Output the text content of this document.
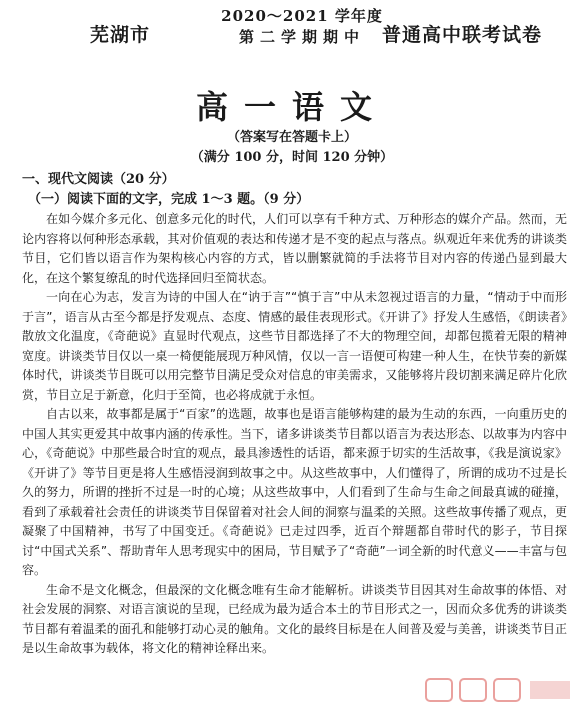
芜湖市
2020～2021 学年度
第二学期期中 普通高中联考试卷
高一语文
（答案写在答题卡上）
（满分 100 分，时间 120 分钟）
一、现代文阅读（20 分）
（一）阅读下面的文字，完成 1～3 题。（9 分）

在如今媒介多元化、创意多元化的时代，人们可以享有千种方式、万种形态的媒介产品。然而，无论内容将以何种形态承载，其对价值观的表达和传递才是不变的起点与落点。纵观近年来优秀的讲谈类节目，它们皆以语言作为架构核心内容的方式，皆以删繁就简的手法将节目对内容的传递凸显到最大化，在这个繁复缭乱的时代选择回归至简状态。

一向在心为志，发言为诗的中国人在“讷于言”“慎于言”中从未忽视过语言的力量，“情动于中而形于言”，语言从古至今都是抒发观点、态度、情感的最佳表现形式。《开讲了》抒发人生感悟，《朗读者》散放文化温度，《奇葩说》直显时代观点，这些节目都选择了不大的物理空间，却都包揽着无限的精神宽度。讲谈类节目仅以一桌一椅便能展现万种风情，仅以一言一语便可构建一种人生，在快节奏的新媒体时代，讲谈类节目既可以用完整节目满足受众对信息的审美需求，又能够将片段切割来满足碎片化欣赏，节目立足于新意，化归于至简，也必将成就于永恒。

自古以来，故事都是属于“百家”的选题，故事也是语言能够构建的最为生动的东西，一向重历史的中国人其实更爱其中故事内涵的传承性。当下，诸多讲谈类节目都以语言为表达形态、以故事为内容中心，《奇葩说》中那些最合时宜的观点，最具渗透性的话语，都来源于切实的生活故事，《我是演说家》《开讲了》等节目更是将人生感悟浸润到故事之中。从这些故事中，人们懂得了，所谓的成功不过是长久的努力，所谓的挫折不过是一时的心境；从这些故事中，人们看到了生命与生命之间最真诚的碰撞，看到了承载着社会责任的讲谈类节目保留着对社会人间的洞察与温柔的关照。这些故事传播了观点，更凝聚了中国精神，书写了中国变迁。《奇葩说》已走过四季，近百个辩题都自带时代的影子，节目探讨“中国式关系”、帮助青年人思考现实中的困局，节目赋予了“奇葩”一词全新的时代意义——丰富与包容。

生命不是文化概念，但最深的文化概念唯有生命才能解析。讲谈类节目因其对生命故事的体悟、对社会发展的洞察、对语言演说的呈现，已经成为最为适合本土的节目形式之一，因而众多优秀的讲谈类节目都有着温柔的面孔和能够打动心灵的触角。文化的最终目标是在人间普及爱与美善，讲谈类节目正是以生命故事为载体，将文化的精神诠释出来。
